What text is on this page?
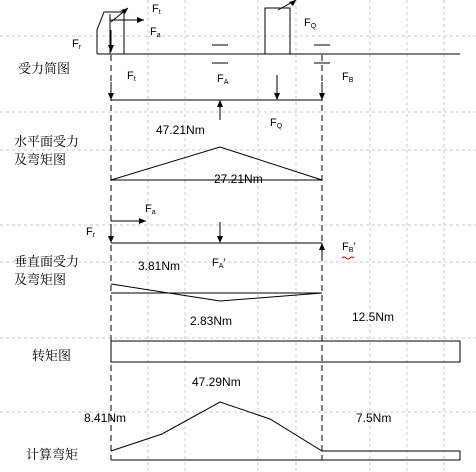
Ft
Fa
Fr
FQ
受力简图	Ft	FA	FB
FQ
水平面受力
及弯矩图
47.21Nm
27.21Nm
Fa
Fr
FB’
FA’
垂直面受力
及弯矩图
3.81Nm
2.83Nm	12.5Nm
转矩图
47.29Nm
8.41Nm	7.5Nm
计算弯矩
